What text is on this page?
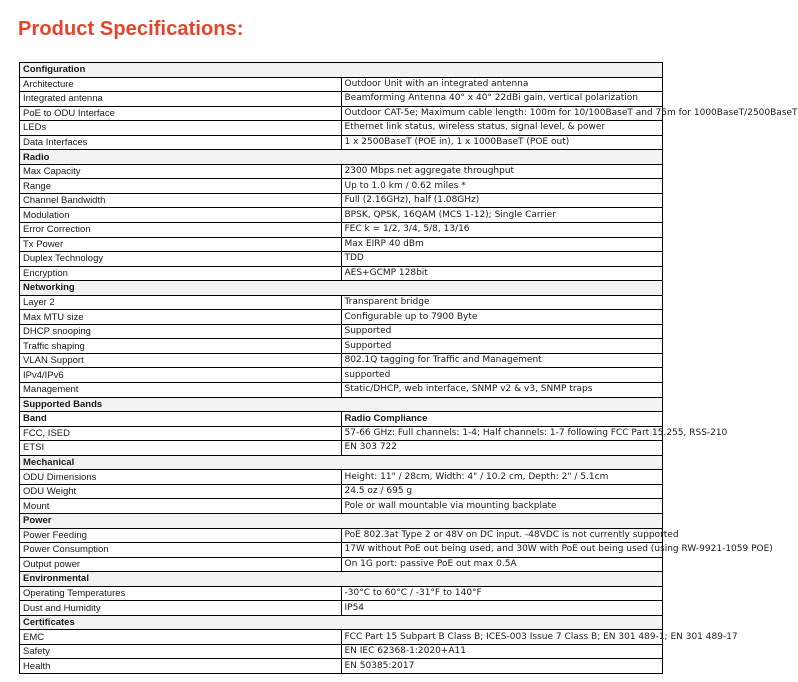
Product Specifications:
Configuration	
Architecture	Outdoor Unit with an integrated antenna
Integrated antenna	Beamforming Antenna 40° x 40° 22dBi gain, vertical polarization
PoE to ODU Interface	Outdoor CAT-5e; Maximum cable length: 100m for 10/100BaseT and 75m for 1000BaseT/2500BaseT
LEDs	Ethernet link status, wireless status, signal level, & power
Data Interfaces	1 x 2500BaseT (POE in), 1 x 1000BaseT (POE out)
Radio	
Max Capacity	2300 Mbps net aggregate throughput
Range	Up to 1.0 km / 0.62 miles *
Channel Bandwidth	Full (2.16GHz), half (1.08GHz)
Modulation	BPSK, QPSK, 16QAM (MCS 1-12); Single Carrier
Error Correction	FEC k = 1/2, 3/4, 5/8, 13/16
Tx Power	Max EIRP 40 dBm
Duplex Technology	TDD
Encryption	AES+GCMP 128bit
Networking	
Layer 2	Transparent bridge
Max MTU size	Configurable up to 7900 Byte
DHCP snooping	Supported
Traffic shaping	Supported
VLAN Support	802.1Q tagging for Traffic and Management
IPv4/IPv6	supported
Management	Static/DHCP, web interface, SNMP v2 & v3, SNMP traps
Supported Bands	
Band	Radio Compliance
FCC, ISED	57-66 GHz: Full channels: 1-4; Half channels: 1-7 following FCC Part 15.255, RSS-210
ETSI	EN 303 722
Mechanical	
ODU Dimensions	Height: 11" / 28cm, Width: 4" / 10.2 cm, Depth: 2" / 5.1cm
ODU Weight	24.5 oz / 695 g
Mount	Pole or wall mountable via mounting backplate
Power	
Power Feeding	PoE 802.3at Type 2 or 48V on DC input. -48VDC is not currently supported
Power Consumption	17W without PoE out being used, and 30W with PoE out being used (using RW-9921-1059 POE)
Output power	On 1G port: passive PoE out max 0.5A
Environmental	
Operating Temperatures	-30°C to 60°C / -31°F to 140°F
Dust and Humidity	IP54
Certificates	
EMC	FCC Part 15 Subpart B Class B; ICES-003 Issue 7 Class B; EN 301 489-1; EN 301 489-17
Safety	EN IEC 62368-1:2020+A11
Health	EN 50385:2017
